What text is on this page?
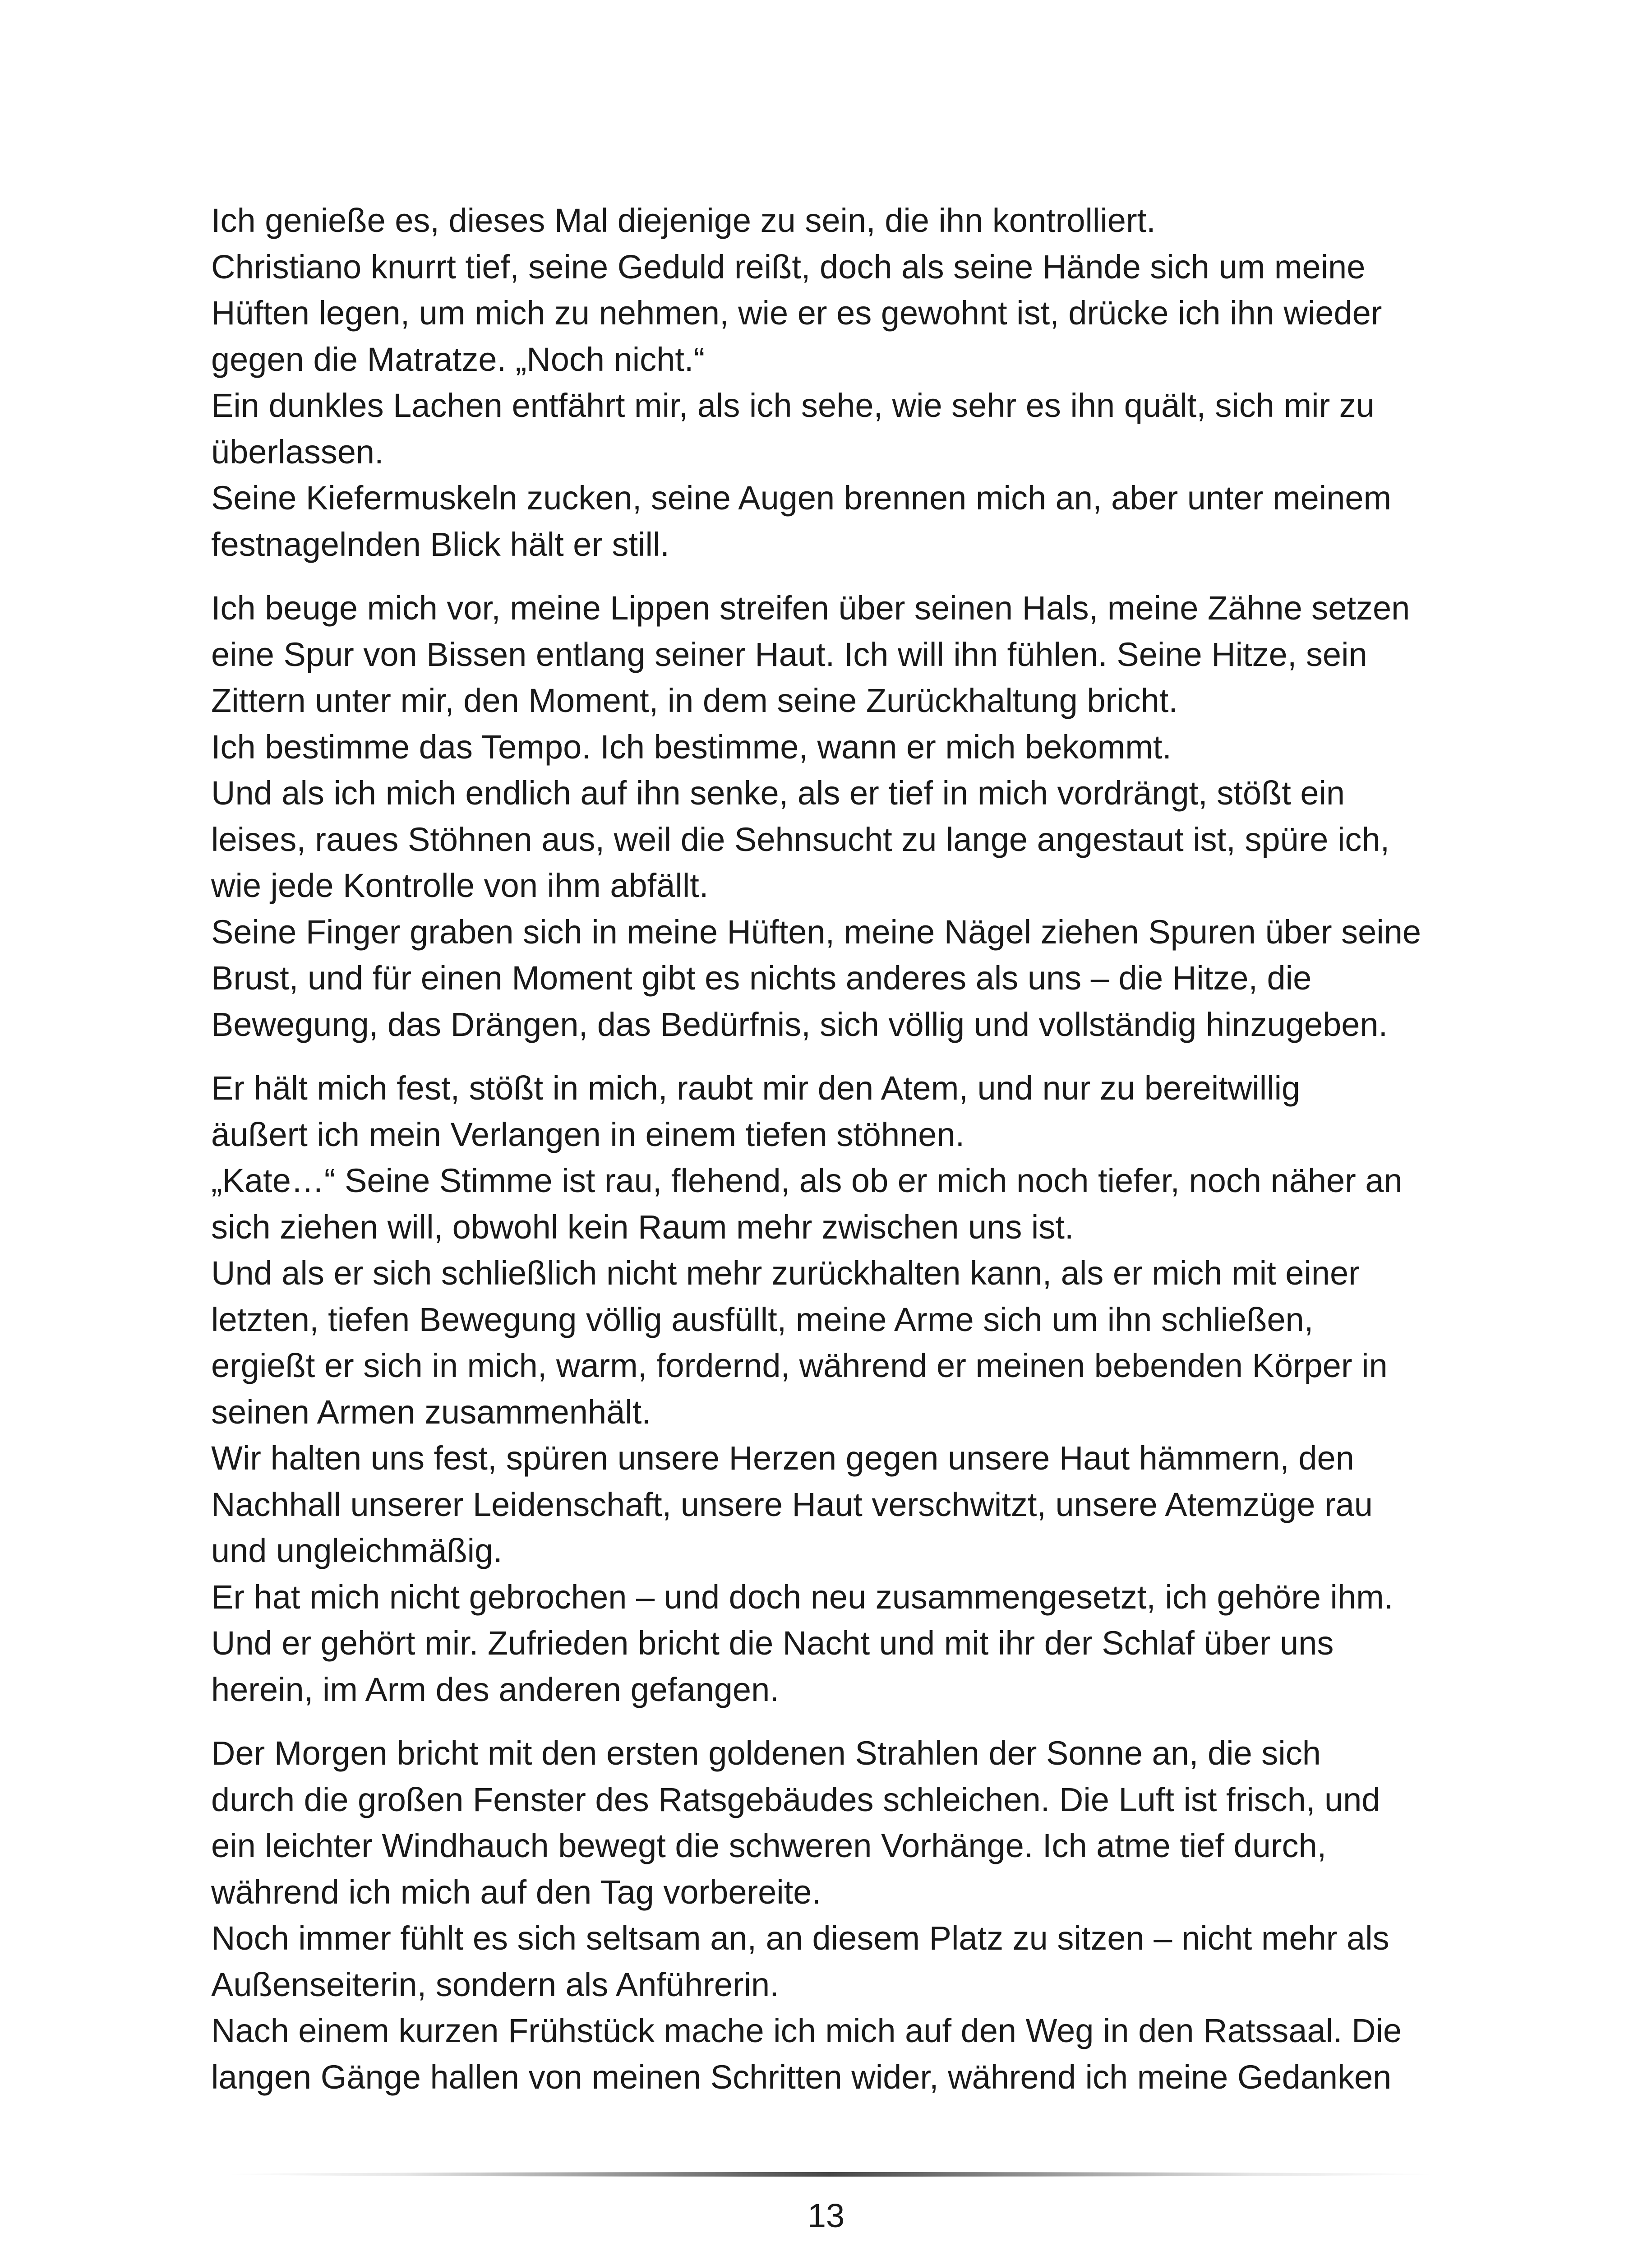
Ich genieße es, dieses Mal diejenige zu sein, die ihn kontrolliert.
Christiano knurrt tief, seine Geduld reißt, doch als seine Hände sich um meine
Hüften legen, um mich zu nehmen, wie er es gewohnt ist, drücke ich ihn wieder
gegen die Matratze. „Noch nicht.“
Ein dunkles Lachen entfährt mir, als ich sehe, wie sehr es ihn quält, sich mir zu
überlassen.
Seine Kiefermuskeln zucken, seine Augen brennen mich an, aber unter meinem
festnagelnden Blick hält er still.

Ich beuge mich vor, meine Lippen streifen über seinen Hals, meine Zähne setzen
eine Spur von Bissen entlang seiner Haut. Ich will ihn fühlen. Seine Hitze, sein
Zittern unter mir, den Moment, in dem seine Zurückhaltung bricht.
Ich bestimme das Tempo. Ich bestimme, wann er mich bekommt.
Und als ich mich endlich auf ihn senke, als er tief in mich vordrängt, stößt ein
leises, raues Stöhnen aus, weil die Sehnsucht zu lange angestaut ist, spüre ich,
wie jede Kontrolle von ihm abfällt.
Seine Finger graben sich in meine Hüften, meine Nägel ziehen Spuren über seine
Brust, und für einen Moment gibt es nichts anderes als uns – die Hitze, die
Bewegung, das Drängen, das Bedürfnis, sich völlig und vollständig hinzugeben.

Er hält mich fest, stößt in mich, raubt mir den Atem, und nur zu bereitwillig
äußert ich mein Verlangen in einem tiefen stöhnen.
„Kate…“ Seine Stimme ist rau, flehend, als ob er mich noch tiefer, noch näher an
sich ziehen will, obwohl kein Raum mehr zwischen uns ist.
Und als er sich schließlich nicht mehr zurückhalten kann, als er mich mit einer
letzten, tiefen Bewegung völlig ausfüllt, meine Arme sich um ihn schließen,
ergießt er sich in mich, warm, fordernd, während er meinen bebenden Körper in
seinen Armen zusammenhält.
Wir halten uns fest, spüren unsere Herzen gegen unsere Haut hämmern, den
Nachhall unserer Leidenschaft, unsere Haut verschwitzt, unsere Atemzüge rau
und ungleichmäßig.
Er hat mich nicht gebrochen – und doch neu zusammengesetzt, ich gehöre ihm.
Und er gehört mir. Zufrieden bricht die Nacht und mit ihr der Schlaf über uns
herein, im Arm des anderen gefangen.

Der Morgen bricht mit den ersten goldenen Strahlen der Sonne an, die sich
durch die großen Fenster des Ratsgebäudes schleichen. Die Luft ist frisch, und
ein leichter Windhauch bewegt die schweren Vorhänge. Ich atme tief durch,
während ich mich auf den Tag vorbereite.
Noch immer fühlt es sich seltsam an, an diesem Platz zu sitzen – nicht mehr als
Außenseiterin, sondern als Anführerin.
Nach einem kurzen Frühstück mache ich mich auf den Weg in den Ratssaal. Die
langen Gänge hallen von meinen Schritten wider, während ich meine Gedanken

13
